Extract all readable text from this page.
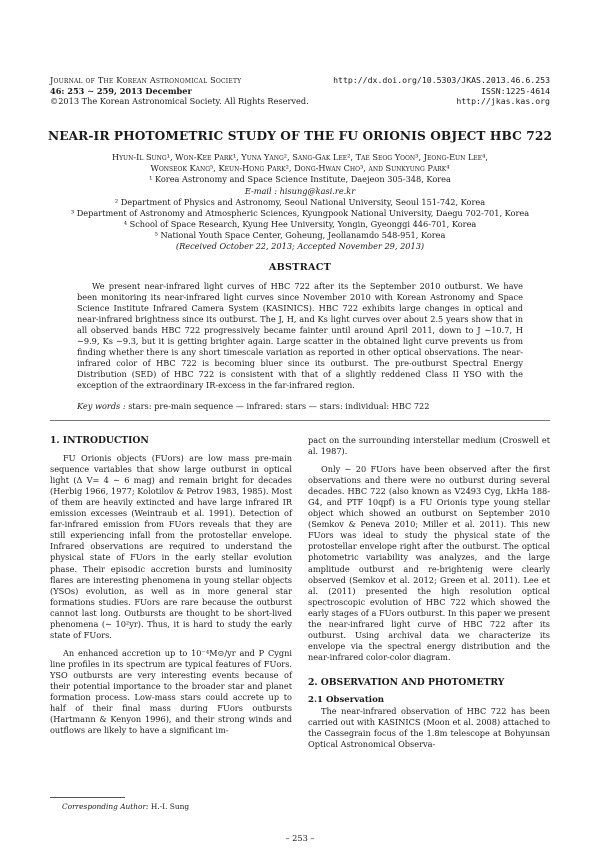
Journal of The Korean Astronomical Society
46: 253 ∼ 259, 2013 December
©2013 The Korean Astronomical Society. All Rights Reserved.
http://dx.doi.org/10.5303/JKAS.2013.46.6.253
ISSN:1225-4614
http://jkas.kas.org
NEAR-IR PHOTOMETRIC STUDY OF THE FU ORIONIS OBJECT HBC 722
Hyun-Il Sung¹, Won-Kee Park¹, Yuna Yang², Sang-Gak Lee², Tae Seog Yoon³, Jeong-Eun Lee⁴,
Wonseok Kang⁵, Keun-Hong Park², Dong-Hwan Cho³, and Sunkyung Park⁴
¹ Korea Astronomy and Space Science Institute, Daejeon 305-348, Korea
E-mail : hisung@kasi.re.kr
² Department of Physics and Astronomy, Seoul National University, Seoul 151-742, Korea
³ Department of Astronomy and Atmospheric Sciences, Kyungpook National University, Daegu 702-701, Korea
⁴ School of Space Research, Kyung Hee University, Yongin, Gyeonggi 446-701, Korea
⁵ National Youth Space Center, Goheung, Jeollanamdo 548-951, Korea
(Received October 22, 2013; Accepted November 29, 2013)
ABSTRACT
We present near-infrared light curves of HBC 722 after its the September 2010 outburst. We have been monitoring its near-infrared light curves since November 2010 with Korean Astronomy and Space Science Institute Infrared Camera System (KASINICS). HBC 722 exhibits large changes in optical and near-infrared brightness since its outburst. The J, H, and Ks light curves over about 2.5 years show that in all observed bands HBC 722 progressively became fainter until around April 2011, down to J ∼10.7, H ∼9.9, Ks ∼9.3, but it is getting brighter again. Large scatter in the obtained light curve prevents us from finding whether there is any short timescale variation as reported in other optical observations. The near-infrared color of HBC 722 is becoming bluer since its outburst. The pre-outburst Spectral Energy Distribution (SED) of HBC 722 is consistent with that of a slightly reddened Class II YSO with the exception of the extraordinary IR-excess in the far-infrared region.
Key words : stars: pre-main sequence — infrared: stars — stars: individual: HBC 722

1. INTRODUCTION

FU Orionis objects (FUors) are low mass pre-main sequence variables that show large outburst in optical light (Δ V= 4 ∼ 6 mag) and remain bright for decades (Herbig 1966, 1977; Kolotilov & Petrov 1983, 1985). Most of them are heavily extincted and have large infrared IR emission excesses (Weintraub et al. 1991). Detection of far-infrared emission from FUors reveals that they are still experiencing infall from the protostellar envelope. Infrared observations are required to understand the physical state of FUors in the early stellar evolution phase. Their episodic accretion bursts and luminosity flares are interesting phenomena in young stellar objects (YSOs) evolution, as well as in more general star formations studies. FUors are rare because the outburst cannot last long. Outbursts are thought to be short-lived phenomena (∼ 10²yr). Thus, it is hard to study the early state of FUors.

An enhanced accretion up to 10⁻⁴M⊙/yr and P Cygni line profiles in its spectrum are typical features of FUors. YSO outbursts are very interesting events because of their potential importance to the broader star and planet formation process. Low-mass stars could accrete up to half of their final mass during FUors outbursts (Hartmann & Kenyon 1996), and their strong winds and outflows are likely to have a significant im-

pact on the surrounding interstellar medium (Croswell et al. 1987).

Only ∼ 20 FUors have been observed after the first observations and there were no outburst during several decades. HBC 722 (also known as V2493 Cyg, LkHa 188-G4, and PTF 10qpf) is a FU Orionis type young stellar object which showed an outburst on September 2010 (Semkov & Peneva 2010; Miller et al. 2011). This new FUors was ideal to study the physical state of the protostellar envelope right after the outburst. The optical photometric variability was analyzes, and the large amplitude outburst and re-brightenig were clearly observed (Semkov et al. 2012; Green et al. 2011). Lee et al. (2011) presented the high resolution optical spectroscopic evolution of HBC 722 which showed the early stages of a FUors outburst. In this paper we present the near-infrared light curve of HBC 722 after its outburst. Using archival data we characterize its envelope via the spectral energy distribution and the near-infrared color-color diagram.

2. OBSERVATION AND PHOTOMETRY

2.1 Observation

The near-infrared observation of HBC 722 has been carried out with KASINICS (Moon et al. 2008) attached to the Cassegrain focus of the 1.8m telescope at Bohyunsan Optical Astronomical Observa-

Corresponding Author: H.-I. Sung
– 253 –
